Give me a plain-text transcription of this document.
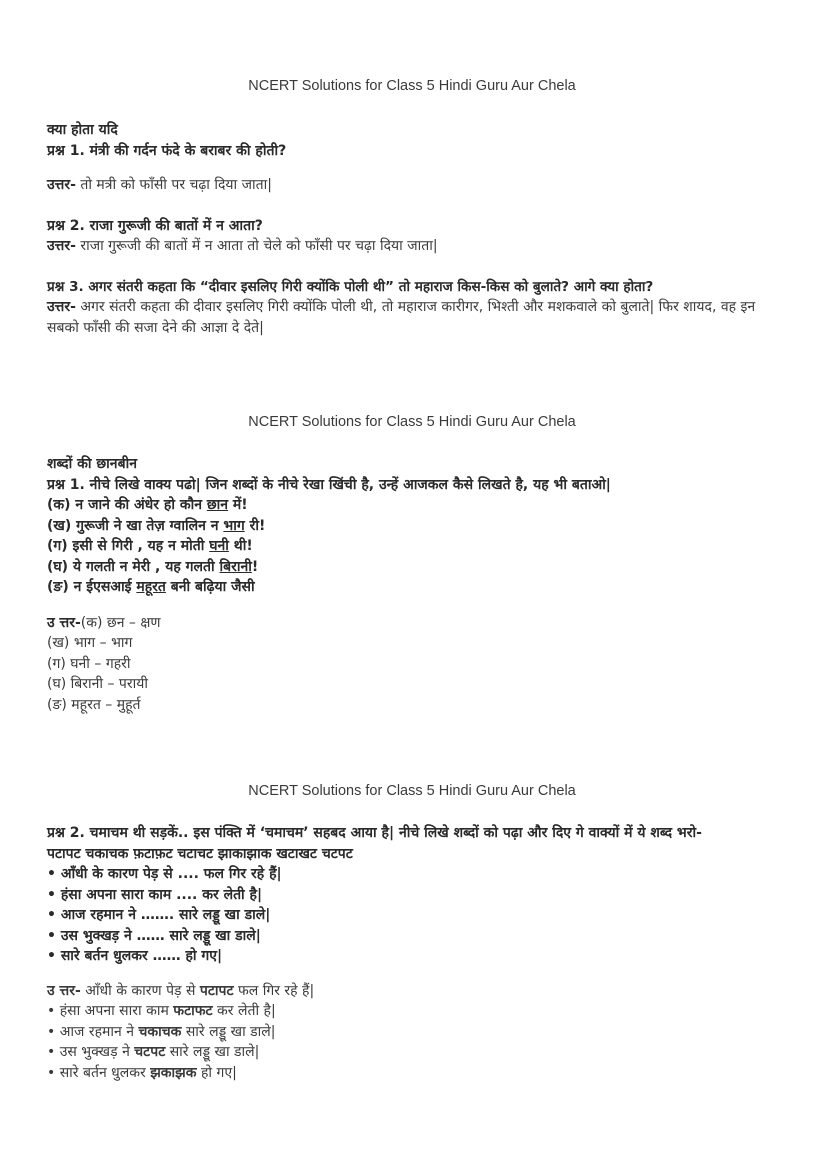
NCERT Solutions for Class 5 Hindi Guru Aur Chela

क्या होता यदि

प्रश्न 1. मंत्री की गर्दन फंदे के बराबर की होती?

उत्तर- तो मत्री को फाँसी पर चढ़ा दिया जाता|

प्रश्न 2. राजा गुरूजी की बातों में न आता?

उत्तर- राजा गुरूजी की बातों में न आता तो चेले को फाँसी पर चढ़ा दिया जाता|

प्रश्न 3. अगर संतरी कहता कि “दीवार इसलिए गिरी क्योंकि पोली थी” तो महाराज किस-किस को बुलाते? आगे क्या होता?

उत्तर- अगर संतरी कहता की दीवार इसलिए गिरी क्योंकि पोली थी, तो महाराज कारीगर, भिश्ती और मशकवाले को बुलाते| फिर शायद, वह इन सबको फाँसी की सजा देने की आज्ञा दे देते|

NCERT Solutions for Class 5 Hindi Guru Aur Chela

शब्दों की छानबीन

प्रश्न 1. नीचे लिखे वाक्य पढो| जिन शब्दों के नीचे रेखा खिंची है, उन्हें आजकल कैसे लिखते है, यह भी बताओ|

(क) न जाने की अंधेर हो कौन छान में!

(ख) गुरूजी ने खा तेज़ ग्वालिन न भाग री!

(ग) इसी से गिरी , यह न मोती घनी थी!

(घ) ये गलती न मेरी , यह गलती बिरानी!

(ङ) न ईएसआई महूरत बनी बढ़िया जैसी

उ त्तर-

(क) छन – क्षण

(ख) भाग – भाग

(ग) घनी – गहरी

(घ) बिरानी – परायी

(ङ) महूरत – मुहूर्त

NCERT Solutions for Class 5 Hindi Guru Aur Chela

प्रश्न 2. चमाचम थी सड़कें.. इस पंक्ति में ‘चमाचम’ सहबद आया है| नीचे लिखे शब्दों को पढ़ा और दिए गे वाक्यों में ये शब्द भरो-

पटापट चकाचक फ़टाफ़ट चटाचट झाकाझाक खटाखट चटपट

• आँधी के कारण पेड़ से .... फल गिर रहे हैं|

• हंसा अपना सारा काम .... कर लेती है|

• आज रहमान ने ……. सारे लड्डू खा डाले|

• उस भुक्खड़ ने …… सारे लड्डू खा डाले|

• सारे बर्तन धुलकर …… हो गए|

उ त्तर- आँधी के कारण पेड़ से पटापट फल गिर रहे हैं|

• हंसा अपना सारा काम फटाफट कर लेती है|

• आज रहमान ने चकाचक सारे लड्डू खा डाले|

• उस भुक्खड़ ने चटपट सारे लड्डू खा डाले|

• सारे बर्तन धुलकर झकाझक हो गए|
